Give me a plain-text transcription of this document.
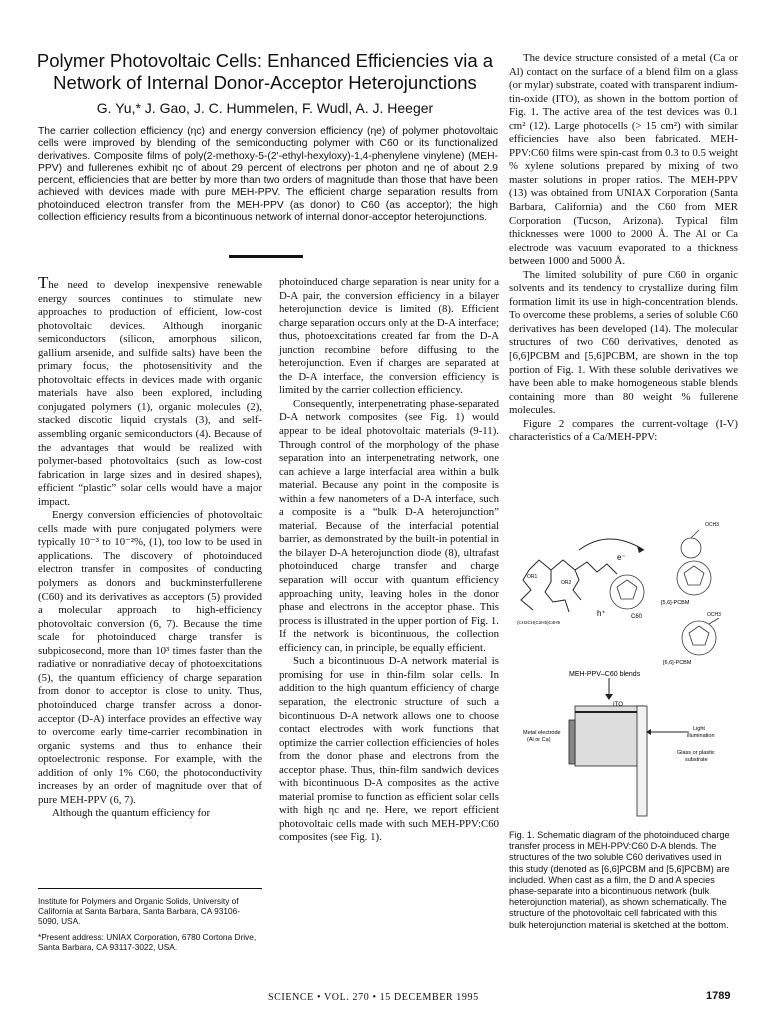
Polymer Photovoltaic Cells: Enhanced Efficiencies via a Network of Internal Donor-Acceptor Heterojunctions
G. Yu,* J. Gao, J. C. Hummelen, F. Wudl, A. J. Heeger
The carrier collection efficiency (ηc) and energy conversion efficiency (ηe) of polymer photovoltaic cells were improved by blending of the semiconducting polymer with C60 or its functionalized derivatives. Composite films of poly(2-methoxy-5-(2'-ethyl-hexyloxy)-1,4-phenylene vinylene) (MEH-PPV) and fullerenes exhibit ηc of about 29 percent of electrons per photon and ηe of about 2.9 percent, efficiencies that are better by more than two orders of magnitude than those that have been achieved with devices made with pure MEH-PPV. The efficient charge separation results from photoinduced electron transfer from the MEH-PPV (as donor) to C60 (as acceptor); the high collection efficiency results from a bicontinuous network of internal donor-acceptor heterojunctions.

The need to develop inexpensive renewable energy sources continues to stimulate new approaches to production of efficient, low-cost photovoltaic devices. Although inorganic semiconductors (silicon, amorphous silicon, gallium arsenide, and sulfide salts) have been the primary focus, the photosensitivity and the photovoltaic effects in devices made with organic materials have also been explored, including conjugated polymers (1), organic molecules (2), stacked discotic liquid crystals (3), and self-assembling organic semiconductors (4). Because of the advantages that would be realized with polymer-based photovoltaics (such as low-cost fabrication in large sizes and in desired shapes), efficient “plastic” solar cells would have a major impact.

Energy conversion efficiencies of photovoltaic cells made with pure conjugated polymers were typically 10⁻³ to 10⁻²%, (1), too low to be used in applications. The discovery of photoinduced electron transfer in composites of conducting polymers as donors and buckminsterfullerene (C60) and its derivatives as acceptors (5) provided a molecular approach to high-efficiency photovoltaic conversion (6, 7). Because the time scale for photoinduced charge transfer is subpicosecond, more than 10³ times faster than the radiative or nonradiative decay of photoexcitations (5), the quantum efficiency of charge separation from donor to acceptor is close to unity. Thus, photoinduced charge transfer across a donor-acceptor (D-A) interface provides an effective way to overcome early time-carrier recombination in organic systems and thus to enhance their optoelectronic response. For example, with the addition of only 1% C60, the photoconductivity increases by an order of magnitude over that of pure MEH-PPV (6, 7).

Although the quantum efficiency for

Institute for Polymers and Organic Solids, University of California at Santa Barbara, Santa Barbara, CA 93106-5090, USA.
*Present address: UNIAX Corporation, 6780 Cortona Drive, Santa Barbara, CA 93117-3022, USA.

photoinduced charge separation is near unity for a D-A pair, the conversion efficiency in a bilayer heterojunction device is limited (8). Efficient charge separation occurs only at the D-A interface; thus, photoexcitations created far from the D-A junction recombine before diffusing to the heterojunction. Even if charges are separated at the D-A interface, the conversion efficiency is limited by the carrier collection efficiency.

Consequently, interpenetrating phase-separated D-A network composites (see Fig. 1) would appear to be ideal photovoltaic materials (9-11). Through control of the morphology of the phase separation into an interpenetrating network, one can achieve a large interfacial area within a bulk material. Because any point in the composite is within a few nanometers of a D-A interface, such a composite is a “bulk D-A heterojunction” material. Because of the interfacial potential barrier, as demonstrated by the built-in potential in the bilayer D-A heterojunction diode (8), ultrafast photoinduced charge transfer and charge separation will occur with quantum efficiency approaching unity, leaving holes in the donor phase and electrons in the acceptor phase. This process is illustrated in the upper portion of Fig. 1. If the network is bicontinuous, the collection efficiency can, in principle, be equally efficient.

Such a bicontinuous D-A network material is promising for use in thin-film solar cells. In addition to the high quantum efficiency of charge separation, the electronic structure of such a bicontinuous D-A network allows one to choose contact electrodes with work functions that optimize the carrier collection efficiencies of holes from the donor phase and electrons from the acceptor phase. Thus, thin-film sandwich devices with bicontinuous D-A composites as the active material promise to function as efficient solar cells with high ηc and ηe. Here, we report efficient photovoltaic cells made with such MEH-PPV:C60 composites (see Fig. 1).

The device structure consisted of a metal (Ca or Al) contact on the surface of a blend film on a glass (or mylar) substrate, coated with transparent indium-tin-oxide (ITO), as shown in the bottom portion of Fig. 1. The active area of the test devices was 0.1 cm² (12). Large photocells (> 15 cm²) with similar efficiencies have also been fabricated. MEH-PPV:C60 films were spin-cast from 0.3 to 0.5 weight % xylene solutions prepared by mixing of two master solutions in proper ratios. The MEH-PPV (13) was obtained from UNIAX Corporation (Santa Barbara, California) and the C60 from MER Corporation (Tucson, Arizona). Typical film thicknesses were 1000 to 2000 Å. The Al or Ca electrode was vacuum evaporated to a thickness between 1000 and 5000 Å.

The limited solubility of pure C60 in organic solvents and its tendency to crystallize during film formation limit its use in high-concentration blends. To overcome these problems, a series of soluble C60 derivatives has been developed (14). The molecular structures of two C60 derivatives, denoted as [6,6]PCBM and [5,6]PCBM, are shown in the top portion of Fig. 1. With these soluble derivatives we have been able to make homogeneous stable blends containing more than 80 weight % fullerene molecules.

Figure 2 compares the current-voltage (I-V) characteristics of a Ca/MEH-PPV:

OR1
OR2
(CH2CH(C2H5)C4H9
e⁻
h⁺	C60
OCH3
[5,6]-PCBM
OCH3
[6,6]-PCBM
MEH-PPV–C60 blends
ITO
Metal electrode
(Al or Ca)
Light
illumination
Glass or plastic
substrate
Fig. 1. Schematic diagram of the photoinduced charge transfer process in MEH-PPV:C60 D-A blends. The structures of the two soluble C60 derivatives used in this study (denoted as [6,6]PCBM and [5,6]PCBM) are included. When cast as a film, the D and A species phase-separate into a bicontinuous network (bulk heterojunction material), as shown schematically. The structure of the photovoltaic cell fabricated with this bulk heterojunction material is sketched at the bottom.
SCIENCE • VOL. 270 • 15 DECEMBER 1995	1789
